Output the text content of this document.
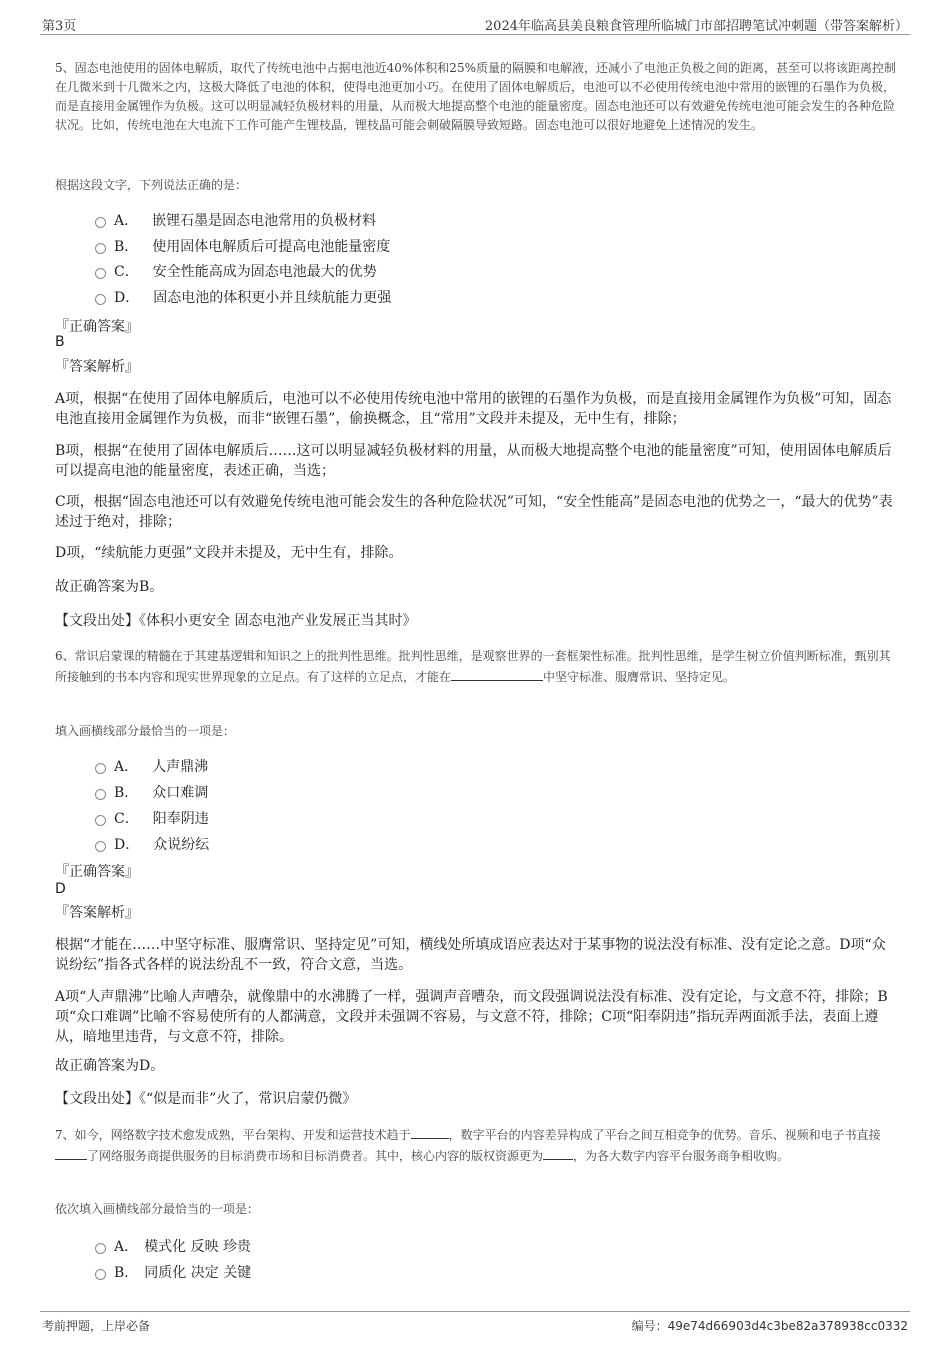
第3页	2024年临高县美良粮食管理所临城门市部招聘笔试冲刺题（带答案解析）
5、固态电池使用的固体电解质，取代了传统电池中占据电池近40%体积和25%质量的隔膜和电解液，还减小了电池正负极之间的距离，甚至可以将该距离控制在几微米到十几微米之内，这极大降低了电池的体积，使得电池更加小巧。在使用了固体电解质后，电池可以不必使用传统电池中常用的嵌锂的石墨作为负极，而是直接用金属锂作为负极。这可以明显减轻负极材料的用量，从而极大地提高整个电池的能量密度。固态电池还可以有效避免传统电池可能会发生的各种危险状况。比如，传统电池在大电流下工作可能产生锂枝晶，锂枝晶可能会刺破隔膜导致短路。固态电池可以很好地避免上述情况的发生。
根据这段文字，下列说法正确的是：
A． 嵌锂石墨是固态电池常用的负极材料
B． 使用固体电解质后可提高电池能量密度
C． 安全性能高成为固态电池最大的优势
D． 固态电池的体积更小并且续航能力更强
『正确答案』
B
『答案解析』
A项，根据“在使用了固体电解质后，电池可以不必使用传统电池中常用的嵌锂的石墨作为负极，而是直接用金属锂作为负极”可知，固态电池直接用金属锂作为负极，而非“嵌锂石墨”，偷换概念，且“常用”文段并未提及，无中生有，排除；
B项，根据“在使用了固体电解质后……这可以明显减轻负极材料的用量，从而极大地提高整个电池的能量密度”可知，使用固体电解质后可以提高电池的能量密度，表述正确，当选；
C项，根据“固态电池还可以有效避免传统电池可能会发生的各种危险状况”可知，“安全性能高”是固态电池的优势之一，“最大的优势”表述过于绝对，排除；
D项，“续航能力更强”文段并未提及，无中生有，排除。
故正确答案为B。
【文段出处】《体积小更安全 固态电池产业发展正当其时》
6、常识启蒙课的精髓在于其建基逻辑和知识之上的批判性思维。批判性思维，是观察世界的一套框架性标准。批判性思维，是学生树立价值判断标准，甄别其所接触到的书本内容和现实世界现象的立足点。有了这样的立足点，才能在	中坚守标准、服膺常识、坚持定见。
填入画横线部分最恰当的一项是：
A． 人声鼎沸
B． 众口难调
C． 阳奉阴违
D． 众说纷纭
『正确答案』
D
『答案解析』
根据“才能在……中坚守标准、服膺常识、坚持定见”可知，横线处所填成语应表达对于某事物的说法没有标准、没有定论之意。D项“众说纷纭”指各式各样的说法纷乱不一致，符合文意，当选。
A项“人声鼎沸”比喻人声嘈杂，就像鼎中的水沸腾了一样，强调声音嘈杂，而文段强调说法没有标准、没有定论，与文意不符，排除；B项“众口难调”比喻不容易使所有的人都满意，文段并未强调不容易，与文意不符，排除；C项“阳奉阴违”指玩弄两面派手法，表面上遵从，暗地里违背，与文意不符，排除。
故正确答案为D。
【文段出处】《“似是而非”火了，常识启蒙仍微》
7、如今，网络数字技术愈发成熟，平台架构、开发和运营技术趋于	，数字平台的内容差异构成了平台之间互相竞争的优势。音乐、视频和电子书直接了网络服务商提供服务的目标消费市场和目标消费者。其中，核心内容的版权资源更为	，为各大数字内容平台服务商争相收购。
依次填入画横线部分最恰当的一项是：
A． 模式化 反映 珍贵
B． 同质化 决定 关键
考前押题，上岸必备	编号：49e74d66903d4c3be82a378938cc0332
